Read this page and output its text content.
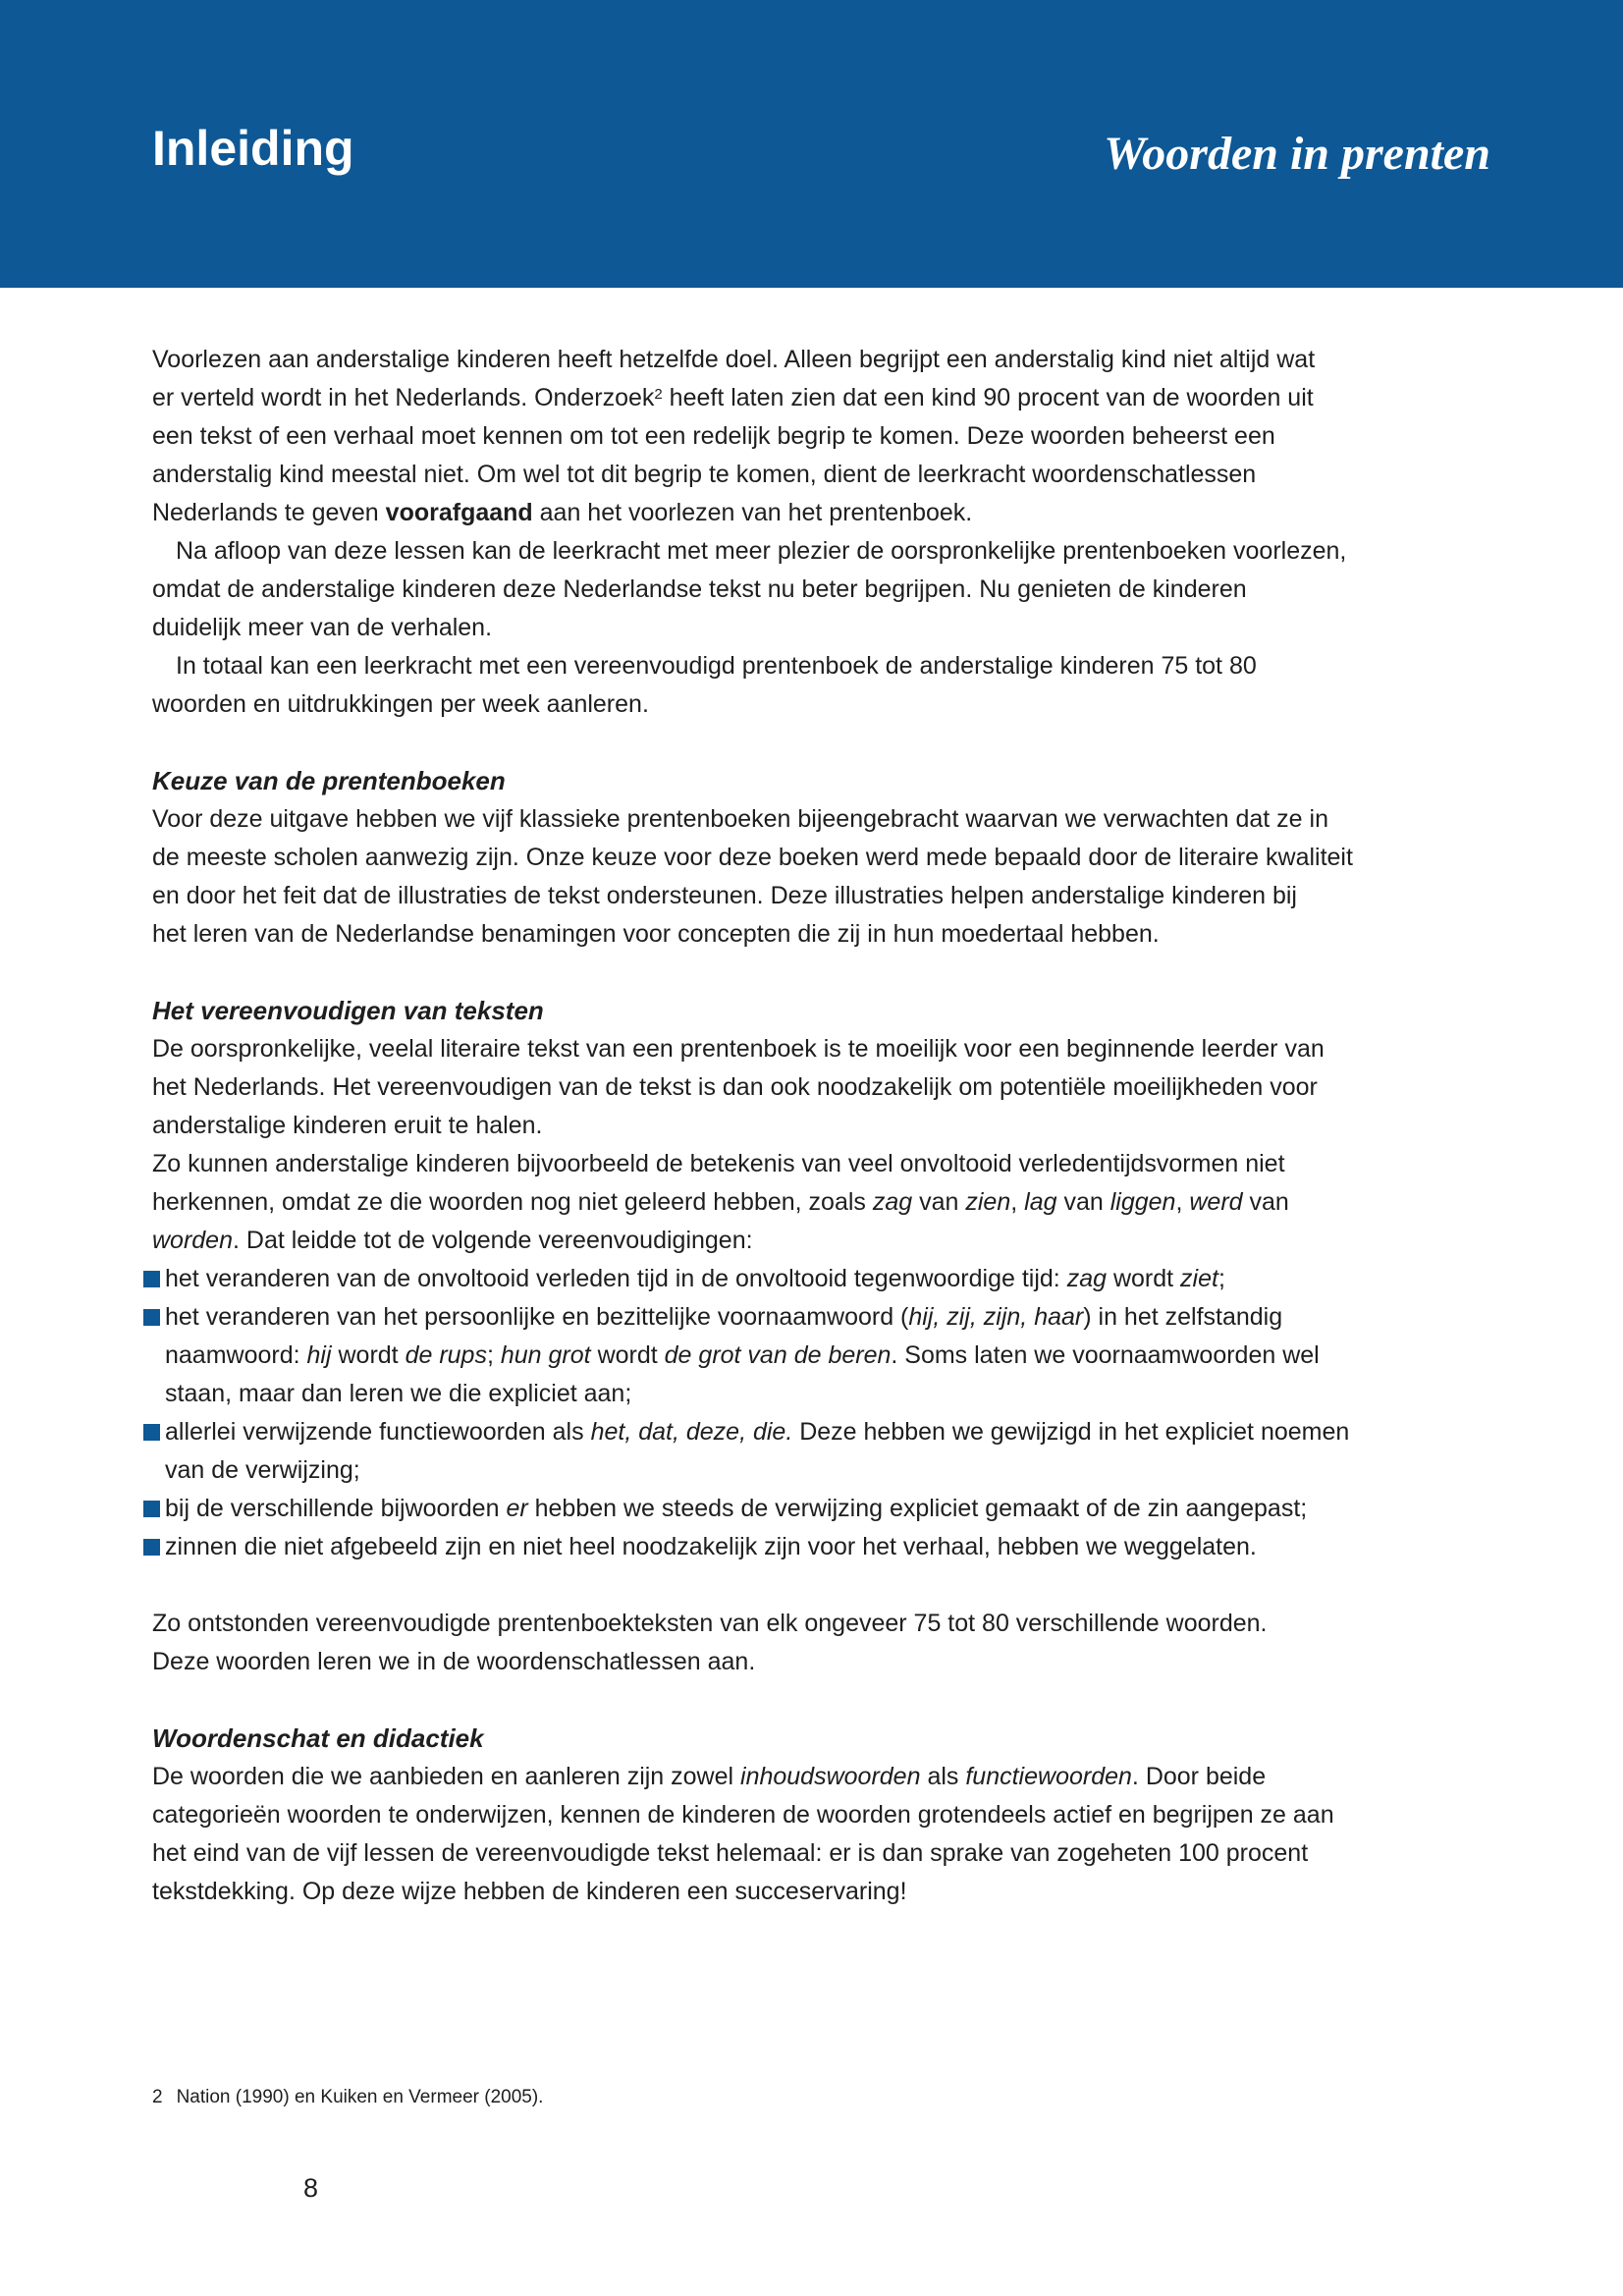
Inleiding	Woorden in prenten
Voorlezen aan anderstalige kinderen heeft hetzelfde doel. Alleen begrijpt een anderstalig kind niet altijd wat
er verteld wordt in het Nederlands. Onderzoek$^2$ heeft laten zien dat een kind 90 procent van de woorden uit
een tekst of een verhaal moet kennen om tot een redelijk begrip te komen. Deze woorden beheerst een
anderstalig kind meestal niet. Om wel tot dit begrip te komen, dient de leerkracht woordenschatlessen
Nederlands te geven voorafgaand aan het voorlezen van het prentenboek.
Na afloop van deze lessen kan de leerkracht met meer plezier de oorspronkelijke prentenboeken voorlezen,
omdat de anderstalige kinderen deze Nederlandse tekst nu beter begrijpen. Nu genieten de kinderen
duidelijk meer van de verhalen.
In totaal kan een leerkracht met een vereenvoudigd prentenboek de anderstalige kinderen 75 tot 80
woorden en uitdrukkingen per week aanleren.
Keuze van de prentenboeken
Voor deze uitgave hebben we vijf klassieke prentenboeken bijeengebracht waarvan we verwachten dat ze in
de meeste scholen aanwezig zijn. Onze keuze voor deze boeken werd mede bepaald door de literaire kwaliteit
en door het feit dat de illustraties de tekst ondersteunen. Deze illustraties helpen anderstalige kinderen bij
het leren van de Nederlandse benamingen voor concepten die zij in hun moedertaal hebben.
Het vereenvoudigen van teksten
De oorspronkelijke, veelal literaire tekst van een prentenboek is te moeilijk voor een beginnende leerder van
het Nederlands. Het vereenvoudigen van de tekst is dan ook noodzakelijk om potentiële moeilijkheden voor
anderstalige kinderen eruit te halen.
Zo kunnen anderstalige kinderen bijvoorbeeld de betekenis van veel onvoltooid verledentijdsvormen niet
herkennen, omdat ze die woorden nog niet geleerd hebben, zoals zag van zien, lag van liggen, werd van
worden. Dat leidde tot de volgende vereenvoudigingen:
het veranderen van de onvoltooid verleden tijd in de onvoltooid tegenwoordige tijd: zag wordt ziet;
het veranderen van het persoonlijke en bezittelijke voornaamwoord (hij, zij, zijn, haar) in het zelfstandig
naamwoord: hij wordt de rups; hun grot wordt de grot van de beren. Soms laten we voornaamwoorden wel
staan, maar dan leren we die expliciet aan;
allerlei verwijzende functiewoorden als het, dat, deze, die. Deze hebben we gewijzigd in het expliciet noemen
van de verwijzing;
bij de verschillende bijwoorden er hebben we steeds de verwijzing expliciet gemaakt of de zin aangepast;
zinnen die niet afgebeeld zijn en niet heel noodzakelijk zijn voor het verhaal, hebben we weggelaten.
Zo ontstonden vereenvoudigde prentenboekteksten van elk ongeveer 75 tot 80 verschillende woorden.
Deze woorden leren we in de woordenschatlessen aan.
Woordenschat en didactiek
De woorden die we aanbieden en aanleren zijn zowel inhoudswoorden als functiewoorden. Door beide
categorieën woorden te onderwijzen, kennen de kinderen de woorden grotendeels actief en begrijpen ze aan
het eind van de vijf lessen de vereenvoudigde tekst helemaal: er is dan sprake van zogeheten 100 procent
tekstdekking. Op deze wijze hebben de kinderen een succeservaring!
2 Nation (1990) en Kuiken en Vermeer (2005).
8
